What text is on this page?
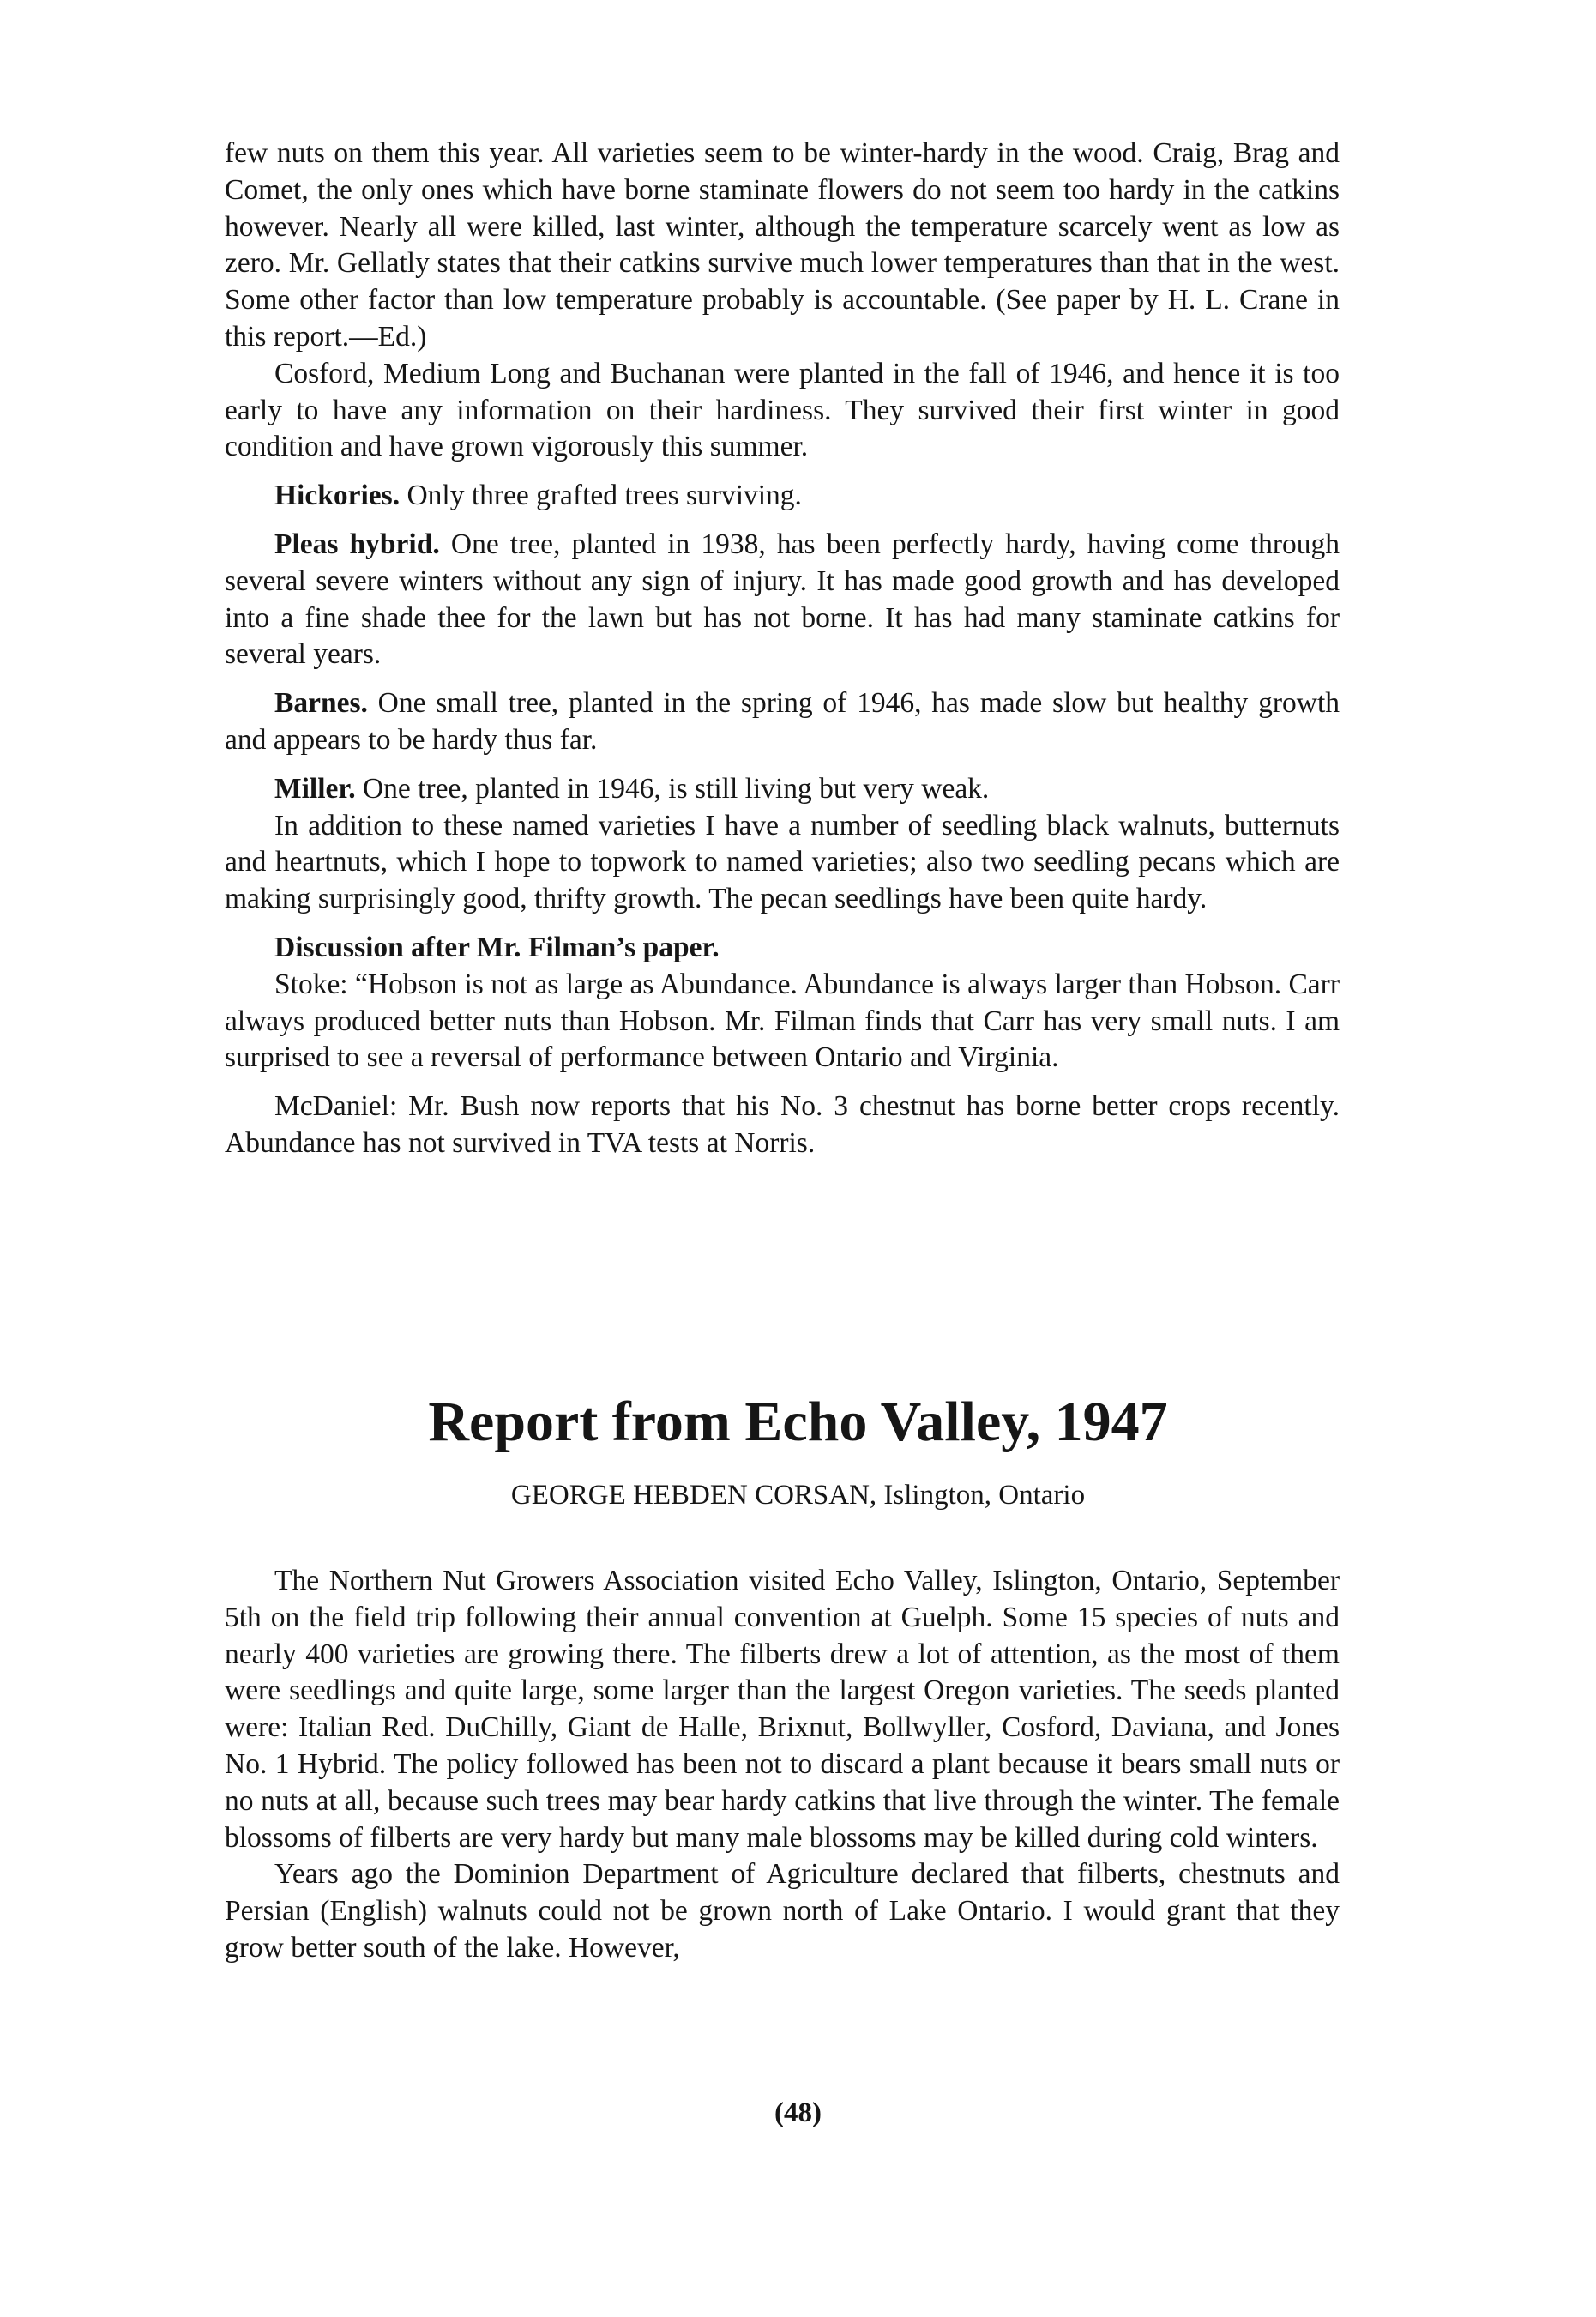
few nuts on them this year. All varieties seem to be winter-hardy in the wood. Craig, Brag and Comet, the only ones which have borne staminate flowers do not seem too hardy in the catkins however. Nearly all were killed, last winter, although the temperature scarcely went as low as zero. Mr. Gellatly states that their catkins survive much lower temperatures than that in the west. Some other factor than low temperature probably is accountable. (See paper by H. L. Crane in this report.—Ed.)

Cosford, Medium Long and Buchanan were planted in the fall of 1946, and hence it is too early to have any information on their hardiness. They survived their first winter in good condition and have grown vigorously this summer.

Hickories. Only three grafted trees surviving.

Pleas hybrid. One tree, planted in 1938, has been perfectly hardy, having come through several severe winters without any sign of injury. It has made good growth and has developed into a fine shade thee for the lawn but has not borne. It has had many staminate catkins for several years.

Barnes. One small tree, planted in the spring of 1946, has made slow but healthy growth and appears to be hardy thus far.

Miller. One tree, planted in 1946, is still living but very weak.

In addition to these named varieties I have a number of seedling black walnuts, butternuts and heartnuts, which I hope to topwork to named varieties; also two seedling pecans which are making surprisingly good, thrifty growth. The pecan seedlings have been quite hardy.

Discussion after Mr. Filman’s paper.

Stoke: “Hobson is not as large as Abundance. Abundance is always larger than Hobson. Carr always produced better nuts than Hobson. Mr. Filman finds that Carr has very small nuts. I am surprised to see a reversal of performance between Ontario and Virginia.

McDaniel: Mr. Bush now reports that his No. 3 chestnut has borne better crops recently. Abundance has not survived in TVA tests at Norris.

Report from Echo Valley, 1947
GEORGE HEBDEN CORSAN, Islington, Ontario

The Northern Nut Growers Association visited Echo Valley, Islington, Ontario, September 5th on the field trip following their annual convention at Guelph. Some 15 species of nuts and nearly 400 varieties are growing there. The filberts drew a lot of attention, as the most of them were seedlings and quite large, some larger than the largest Oregon varieties. The seeds planted were: Italian Red. DuChilly, Giant de Halle, Brixnut, Bollwyller, Cosford, Daviana, and Jones No. 1 Hybrid. The policy followed has been not to discard a plant because it bears small nuts or no nuts at all, because such trees may bear hardy catkins that live through the winter. The female blossoms of filberts are very hardy but many male blossoms may be killed during cold winters.

Years ago the Dominion Department of Agriculture declared that filberts, chestnuts and Persian (English) walnuts could not be grown north of Lake Ontario. I would grant that they grow better south of the lake. However,

(48)
